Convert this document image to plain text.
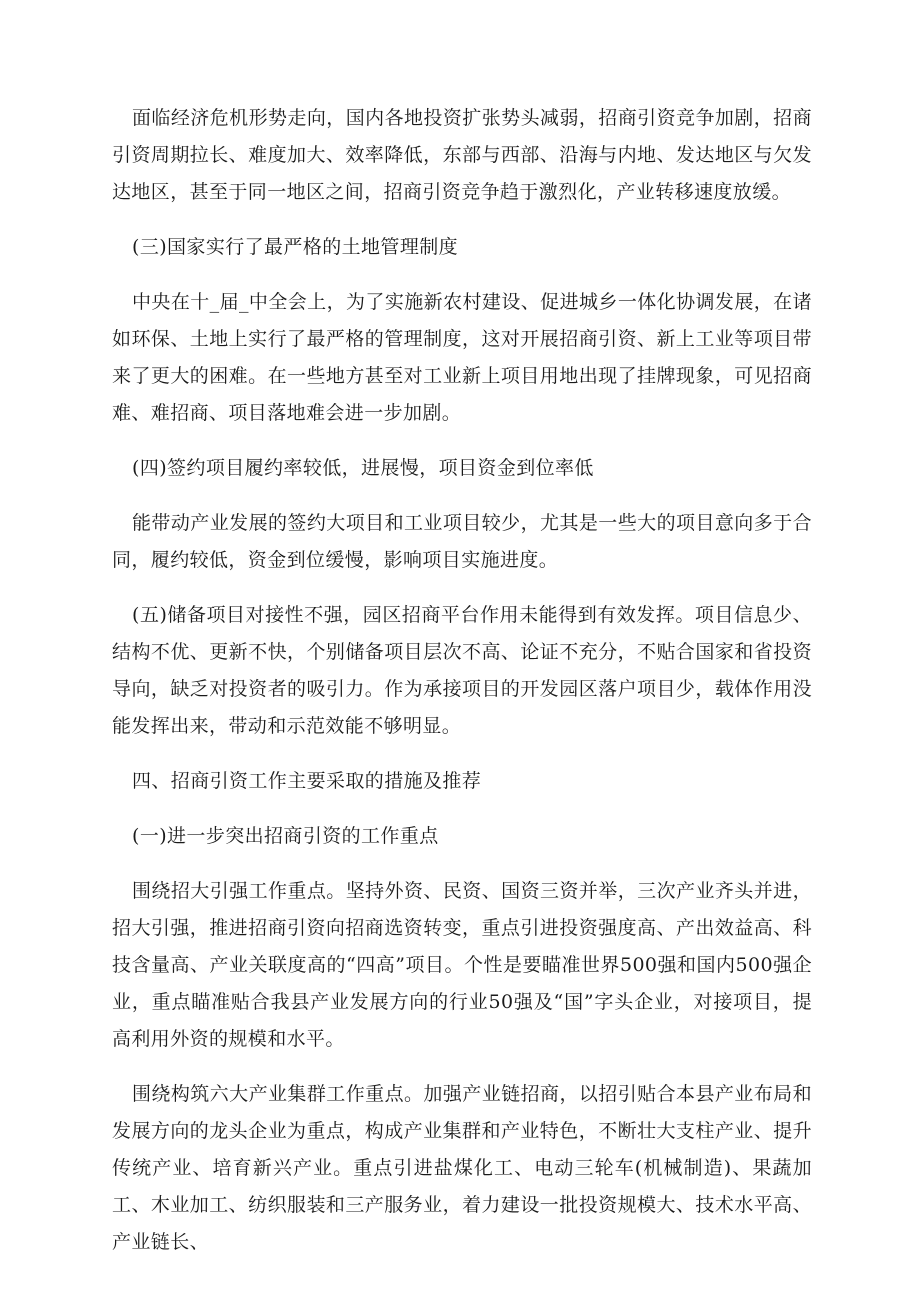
面临经济危机形势走向，国内各地投资扩张势头减弱，招商引资竞争加剧，招商引资周期拉长、难度加大、效率降低，东部与西部、沿海与内地、发达地区与欠发达地区，甚至于同一地区之间，招商引资竞争趋于激烈化，产业转移速度放缓。

(三)国家实行了最严格的土地管理制度

中央在十_届_中全会上，为了实施新农村建设、促进城乡一体化协调发展，在诸如环保、土地上实行了最严格的管理制度，这对开展招商引资、新上工业等项目带来了更大的困难。在一些地方甚至对工业新上项目用地出现了挂牌现象，可见招商难、难招商、项目落地难会进一步加剧。

(四)签约项目履约率较低，进展慢，项目资金到位率低

能带动产业发展的签约大项目和工业项目较少，尤其是一些大的项目意向多于合同，履约较低，资金到位缓慢，影响项目实施进度。

(五)储备项目对接性不强，园区招商平台作用未能得到有效发挥。项目信息少、结构不优、更新不快，个别储备项目层次不高、论证不充分，不贴合国家和省投资导向，缺乏对投资者的吸引力。作为承接项目的开发园区落户项目少，载体作用没能发挥出来，带动和示范效能不够明显。

四、招商引资工作主要采取的措施及推荐

(一)进一步突出招商引资的工作重点

围绕招大引强工作重点。坚持外资、民资、国资三资并举，三次产业齐头并进，招大引强，推进招商引资向招商选资转变，重点引进投资强度高、产出效益高、科技含量高、产业关联度高的“四高”项目。个性是要瞄准世界500强和国内500强企业，重点瞄准贴合我县产业发展方向的行业50强及“国”字头企业，对接项目，提高利用外资的规模和水平。

围绕构筑六大产业集群工作重点。加强产业链招商，以招引贴合本县产业布局和发展方向的龙头企业为重点，构成产业集群和产业特色，不断壮大支柱产业、提升传统产业、培育新兴产业。重点引进盐煤化工、电动三轮车(机械制造)、果蔬加工、木业加工、纺织服装和三产服务业，着力建设一批投资规模大、技术水平高、产业链长、
